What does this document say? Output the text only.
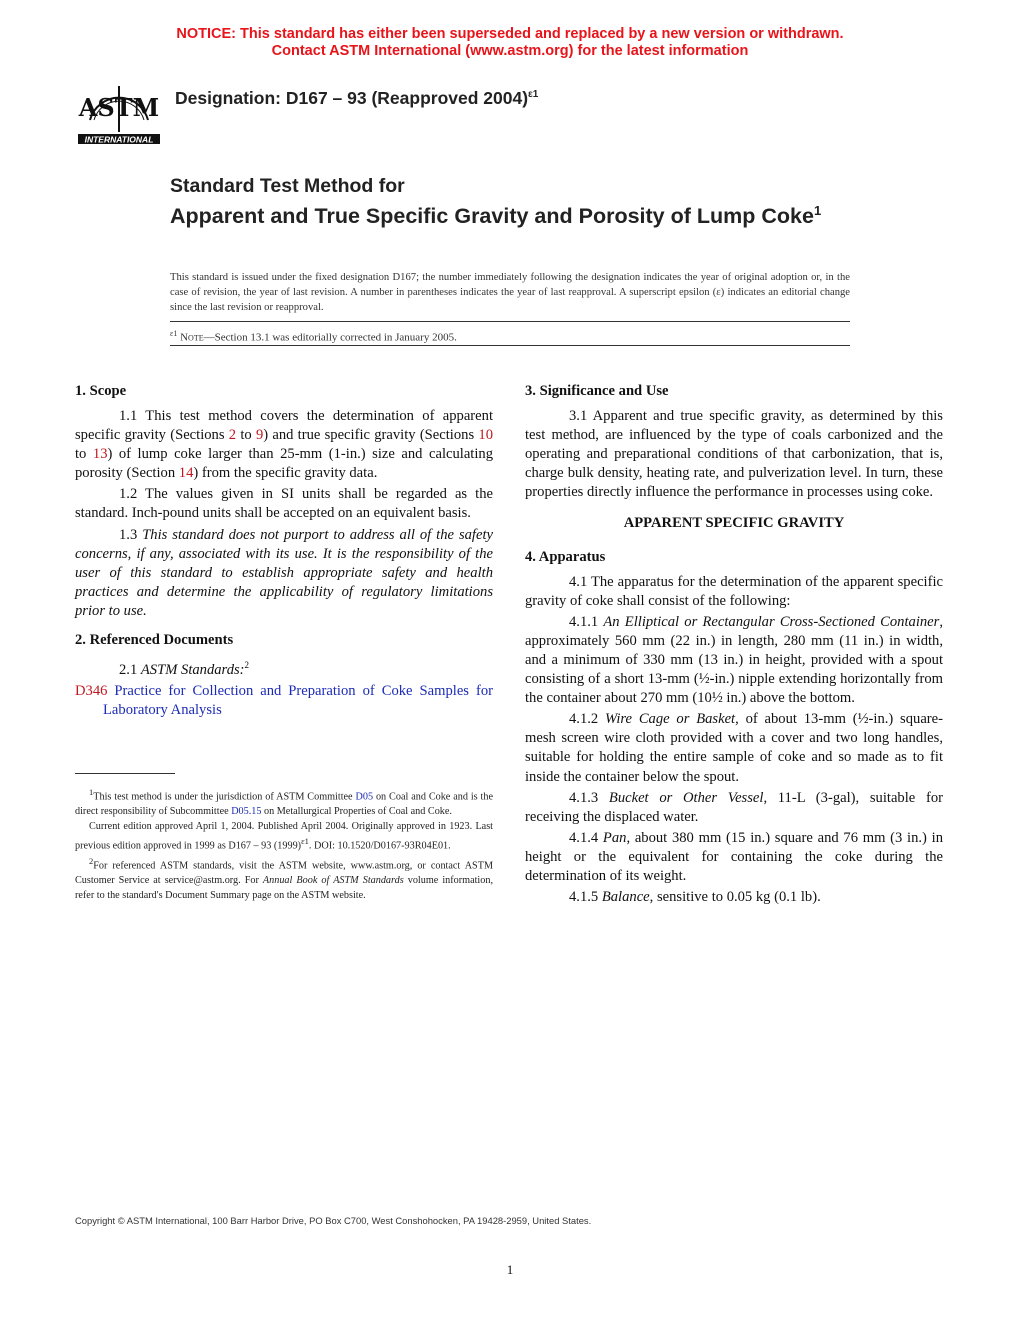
NOTICE: This standard has either been superseded and replaced by a new version or withdrawn.
Contact ASTM International (www.astm.org) for the latest information
ASTM
INTERNATIONAL
Designation: D167 – 93 (Reapproved 2004)$^{\varepsilon 1}$
Standard Test Method for
Apparent and True Specific Gravity and Porosity of Lump Coke$^1$
This standard is issued under the fixed designation D167; the number immediately following the designation indicates the year of original adoption or, in the case of revision, the year of last revision. A number in parentheses indicates the year of last reapproval. A superscript epsilon (ε) indicates an editorial change since the last revision or reapproval.
$^{\varepsilon 1}$ Note—Section 13.1 was editorially corrected in January 2005.
1. Scope

1.1 This test method covers the determination of apparent specific gravity (Sections 2 to 9) and true specific gravity (Sections 10 to 13) of lump coke larger than 25-mm (1-in.) size and calculating porosity (Section 14) from the specific gravity data.

1.2 The values given in SI units shall be regarded as the standard. Inch-pound units shall be accepted on an equivalent basis.

1.3 This standard does not purport to address all of the safety concerns, if any, associated with its use. It is the responsibility of the user of this standard to establish appropriate safety and health practices and determine the applicability of regulatory limitations prior to use.

2. Referenced Documents

2.1 ASTM Standards:$^2$

D346 Practice for Collection and Preparation of Coke Samples for Laboratory Analysis

$^1$This test method is under the jurisdiction of ASTM Committee D05 on Coal and Coke and is the direct responsibility of Subcommittee D05.15 on Metallurgical Properties of Coal and Coke.

Current edition approved April 1, 2004. Published April 2004. Originally approved in 1923. Last previous edition approved in 1999 as D167 – 93 $(1999)^{\varepsilon 1}$. DOI: 10.1520/D0167-93R04E01.

$^2$For referenced ASTM standards, visit the ASTM website, www.astm.org, or contact ASTM Customer Service at service@astm.org. For Annual Book of ASTM Standards volume information, refer to the standard's Document Summary page on the ASTM website.

3. Significance and Use

3.1 Apparent and true specific gravity, as determined by this test method, are influenced by the type of coals carbonized and the operating and preparational conditions of that carbonization, that is, charge bulk density, heating rate, and pulverization level. In turn, these properties directly influence the performance in processes using coke.

APPARENT SPECIFIC GRAVITY

4. Apparatus

4.1 The apparatus for the determination of the apparent specific gravity of coke shall consist of the following:

4.1.1 An Elliptical or Rectangular Cross-Sectioned Container, approximately 560 mm (22 in.) in length, 280 mm (11 in.) in width, and a minimum of 330 mm (13 in.) in height, provided with a spout consisting of a short 13-mm (½-in.) nipple extending horizontally from the container about 270 mm (10½ in.) above the bottom.

4.1.2 Wire Cage or Basket, of about 13-mm (½-in.) square-mesh screen wire cloth provided with a cover and two long handles, suitable for holding the entire sample of coke and so made as to fit inside the container below the spout.

4.1.3 Bucket or Other Vessel, 11-L (3-gal), suitable for receiving the displaced water.

4.1.4 Pan, about 380 mm (15 in.) square and 76 mm (3 in.) in height or the equivalent for containing the coke during the determination of its weight.

4.1.5 Balance, sensitive to 0.05 kg (0.1 lb).

Copyright © ASTM International, 100 Barr Harbor Drive, PO Box C700, West Conshohocken, PA 19428-2959, United States.
1
